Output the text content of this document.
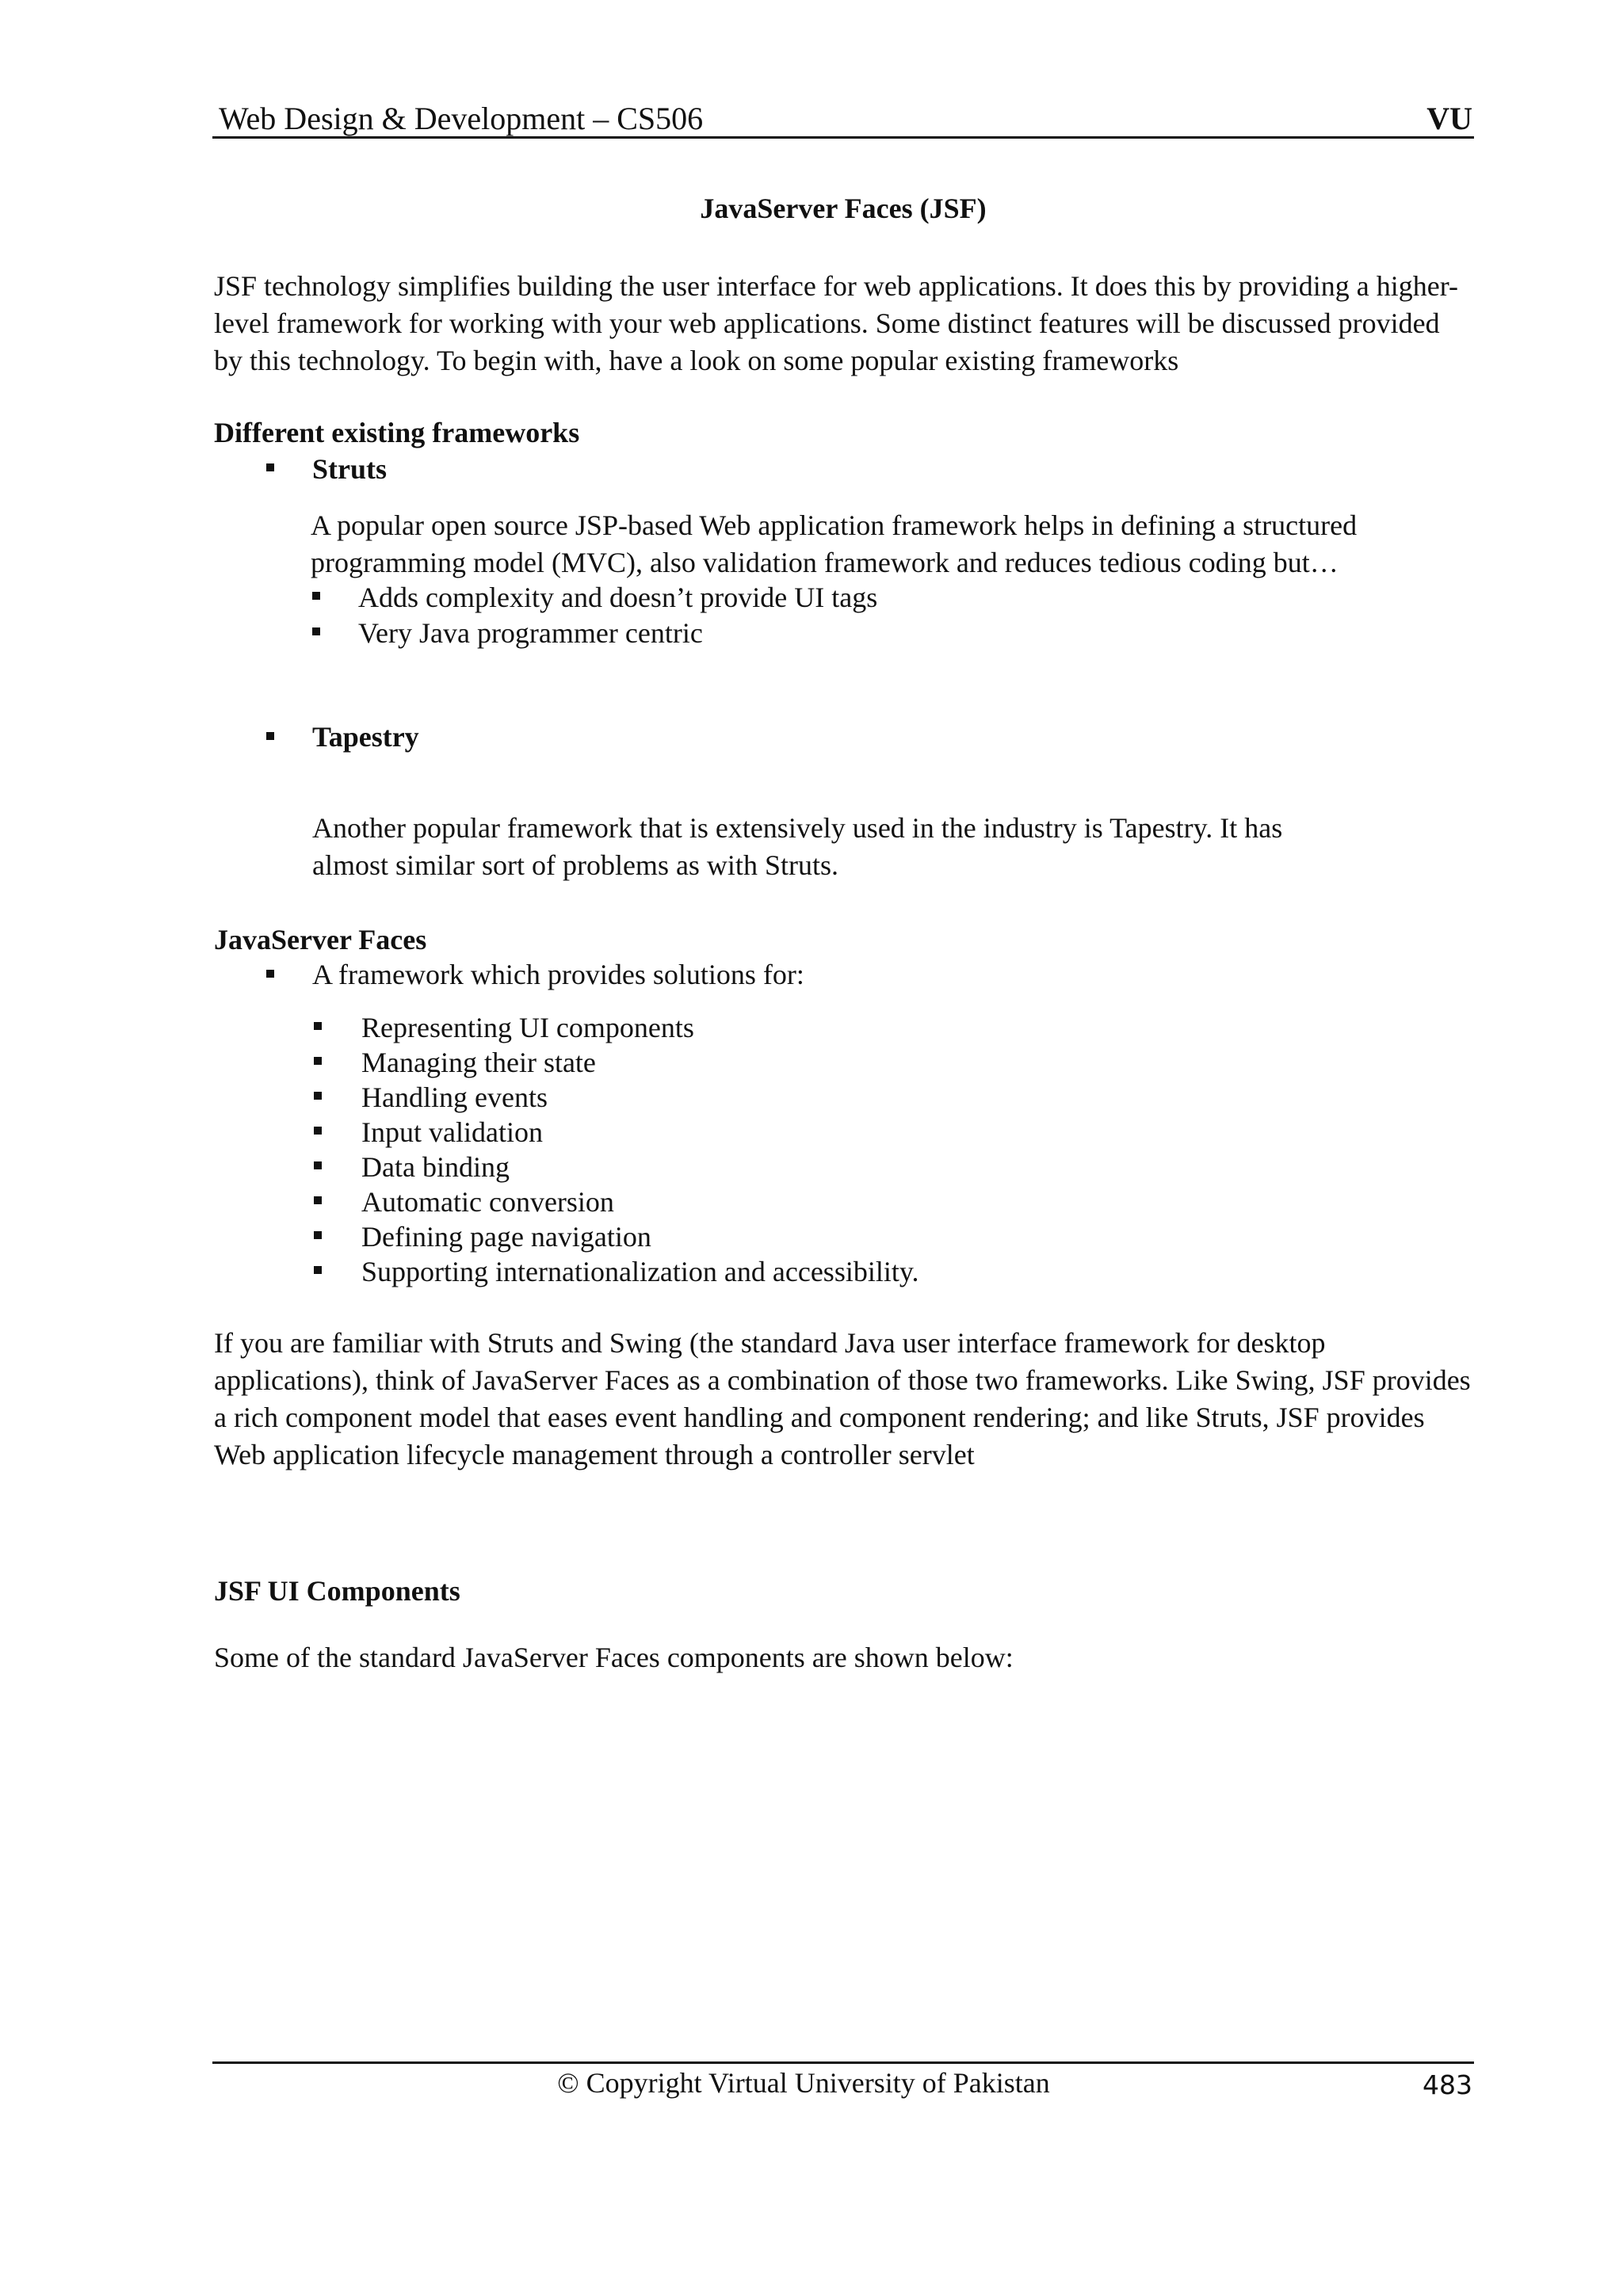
Web Design & Development – CS506	VU
JavaServer Faces (JSF)
JSF technology simplifies building the user interface for web applications. It does this by providing a higher-
level framework for working with your web applications. Some distinct features will be discussed provided
by this technology. To begin with, have a look on some popular existing frameworks
Different existing frameworks
Struts
A popular open source JSP-based Web application framework helps in defining a structured
programming model (MVC), also validation framework and reduces tedious coding but…
Adds complexity and doesn’t provide UI tags
Very Java programmer centric
Tapestry
Another popular framework that is extensively used in the industry is Tapestry. It has
almost similar sort of problems as with Struts.
JavaServer Faces
A framework which provides solutions for:
Representing UI components
Managing their state
Handling events
Input validation
Data binding
Automatic conversion
Defining page navigation
Supporting internationalization and accessibility.
If you are familiar with Struts and Swing (the standard Java user interface framework for desktop
applications), think of JavaServer Faces as a combination of those two frameworks. Like Swing, JSF provides
a rich component model that eases event handling and component rendering; and like Struts, JSF provides
Web application lifecycle management through a controller servlet
JSF UI Components
Some of the standard JavaServer Faces components are shown below:
© Copyright Virtual University of Pakistan	483
